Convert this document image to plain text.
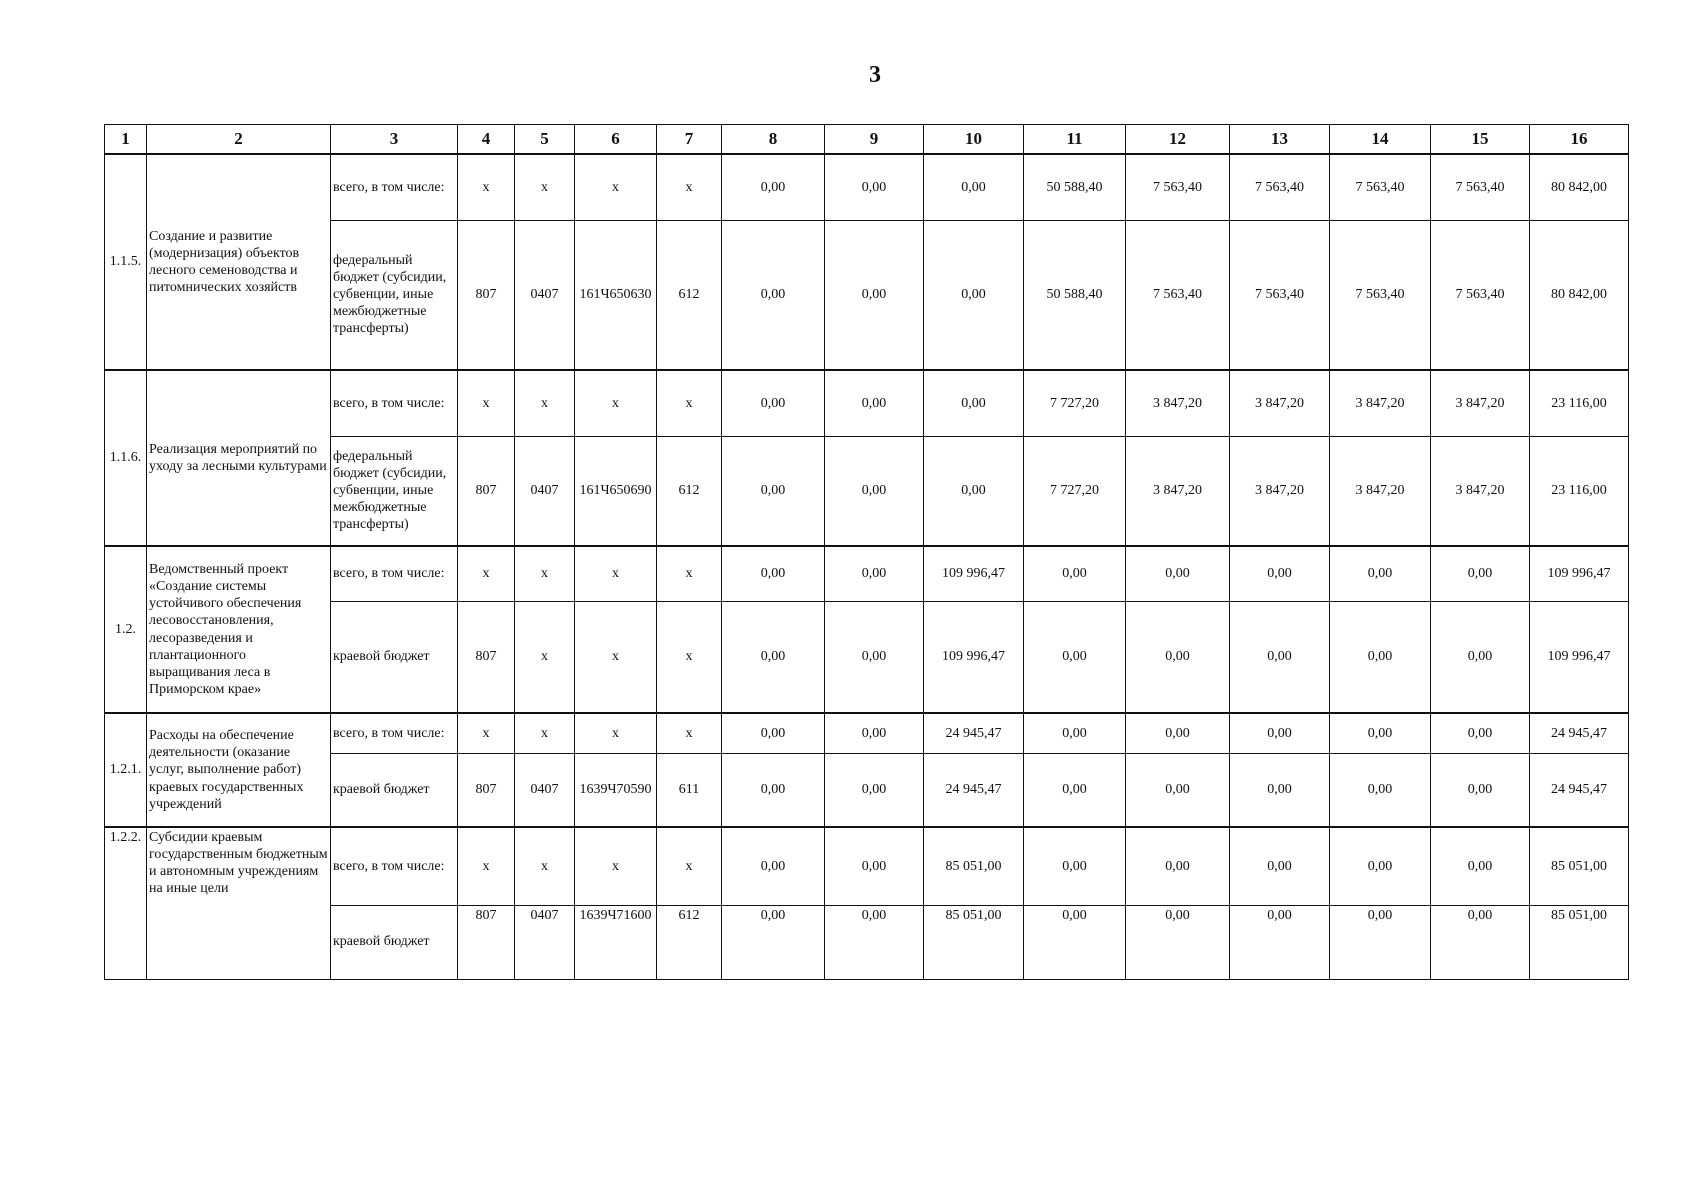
3
1	2	3	4	5	6	7	8	9	10	11	12	13	14	15	16
1.1.5.	Создание и развитие (модернизация) объектов лесного семеноводства и питомнических хозяйств	всего, в том числе:	х	х	х	х	0,00	0,00	0,00	50 588,40	7 563,40	7 563,40	7 563,40	7 563,40	80 842,00
		федеральный бюджет (субсидии, субвенции, иные межбюджетные трансферты)	807	0407	161Ч650630	612	0,00	0,00	0,00	50 588,40	7 563,40	7 563,40	7 563,40	7 563,40	80 842,00
1.1.6.	Реализация мероприятий по уходу за лесными культурами	всего, в том числе:	х	х	х	х	0,00	0,00	0,00	7 727,20	3 847,20	3 847,20	3 847,20	3 847,20	23 116,00
		федеральный бюджет (субсидии, субвенции, иные межбюджетные трансферты)	807	0407	161Ч650690	612	0,00	0,00	0,00	7 727,20	3 847,20	3 847,20	3 847,20	3 847,20	23 116,00
1.2.	Ведомственный проект «Создание системы устойчивого обеспечения лесовосстановления, лесоразведения и плантационного выращивания леса в Приморском крае»	всего, в том числе:	х	х	х	х	0,00	0,00	109 996,47	0,00	0,00	0,00	0,00	0,00	109 996,47
		краевой бюджет	807	х	х	х	0,00	0,00	109 996,47	0,00	0,00	0,00	0,00	0,00	109 996,47
1.2.1.	Расходы на обеспечение деятельности (оказание услуг, выполнение работ) краевых государственных учреждений	всего, в том числе:	х	х	х	х	0,00	0,00	24 945,47	0,00	0,00	0,00	0,00	0,00	24 945,47
		краевой бюджет	807	0407	1639Ч70590	611	0,00	0,00	24 945,47	0,00	0,00	0,00	0,00	0,00	24 945,47
1.2.2.	Субсидии краевым государственным бюджетным и автономным учреждениям на иные цели	всего, в том числе:	х	х	х	х	0,00	0,00	85 051,00	0,00	0,00	0,00	0,00	0,00	85 051,00
		краевой бюджет	807	0407	1639Ч71600	612	0,00	0,00	85 051,00	0,00	0,00	0,00	0,00	0,00	85 051,00
